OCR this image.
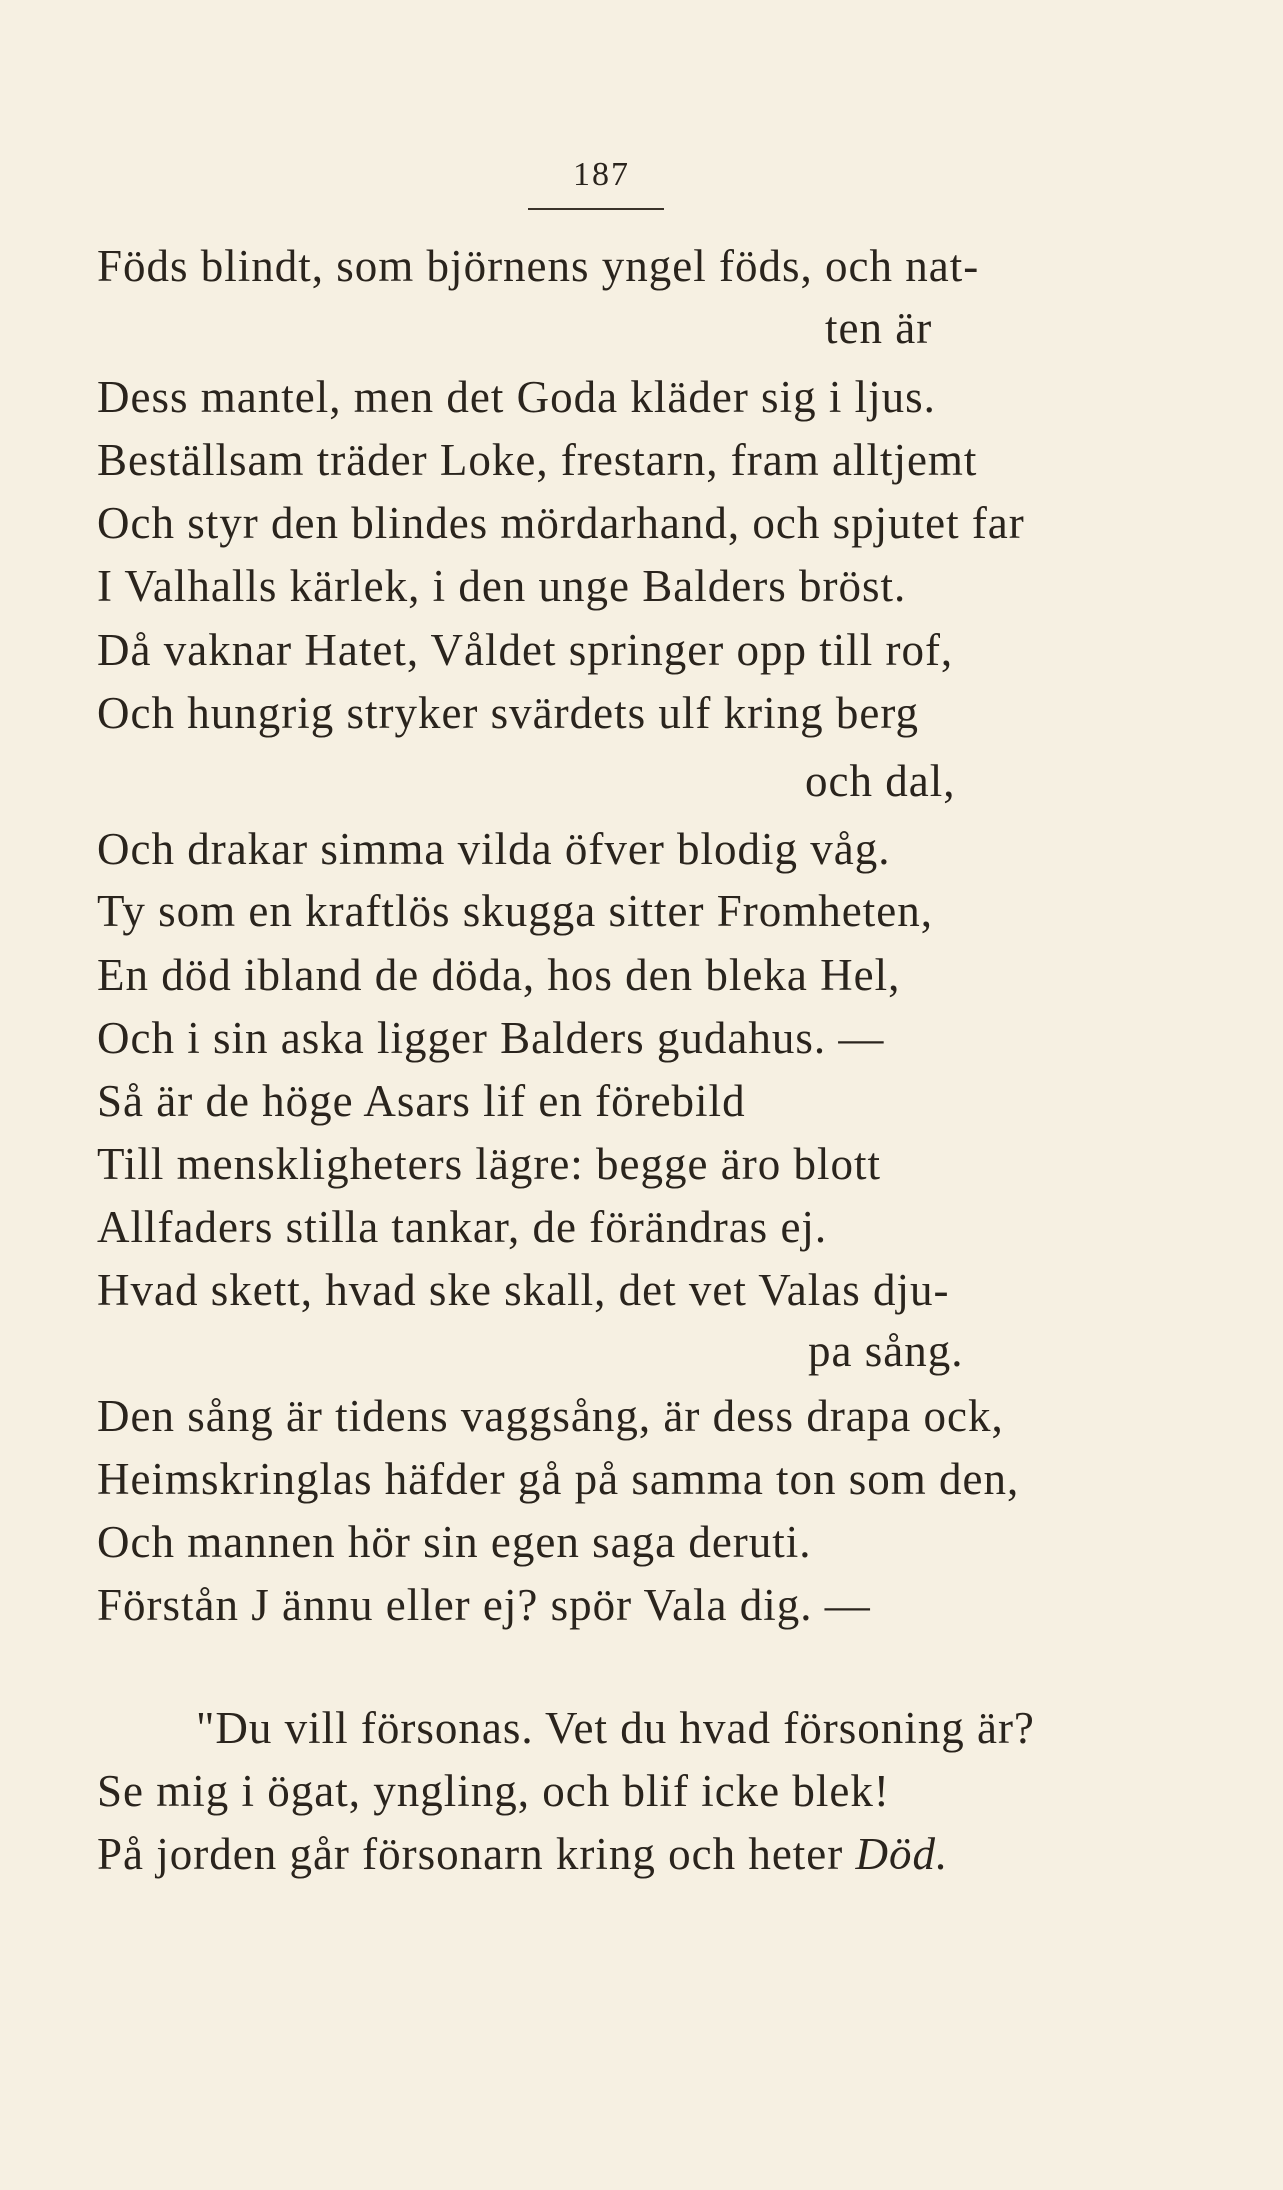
187
Föds blindt, som björnens yngel föds, och nat-
ten är
Dess mantel, men det Goda kläder sig i ljus.
Beställsam träder Loke, frestarn, fram alltjemt
Och styr den blindes mördarhand, och spjutet far
I Valhalls kärlek, i den unge Balders bröst.
Då vaknar Hatet, Våldet springer opp till rof,
Och hungrig stryker svärdets ulf kring berg
och dal,
Och drakar simma vilda öfver blodig våg.
Ty som en kraftlös skugga sitter Fromheten,
En död ibland de döda, hos den bleka Hel,
Och i sin aska ligger Balders gudahus. —
Så är de höge Asars lif en förebild
Till menskligheters lägre: begge äro blott
Allfaders stilla tankar, de förändras ej.
Hvad skett, hvad ske skall, det vet Valas dju-
pa sång.
Den sång är tidens vaggsång, är dess drapa ock,
Heimskringlas häfder gå på samma ton som den,
Och mannen hör sin egen saga deruti.
Förstån J ännu eller ej? spör Vala dig. —
"Du vill försonas. Vet du hvad försoning är?
Se mig i ögat, yngling, och blif icke blek!
På jorden går försonarn kring och heter Död.
